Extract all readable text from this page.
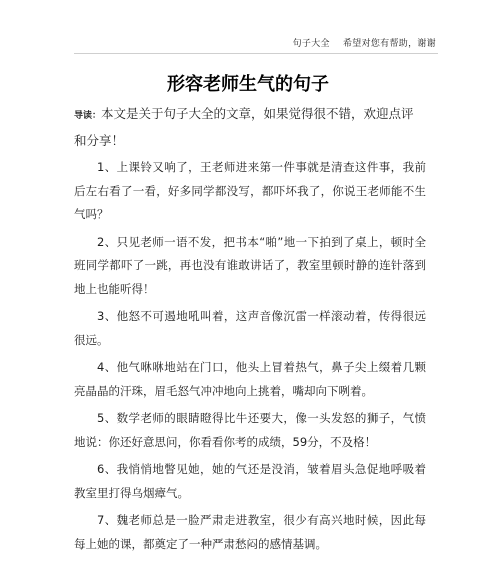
句子大全 希望对您有帮助，谢谢
形容老师生气的句子

导读：本文是关于句子大全的文章，如果觉得很不错，欢迎点评和分享！

1、上课铃又响了，王老师进来第一件事就是清查这件事，我前后左右看了一看，好多同学都没写，都吓坏我了，你说王老师能不生气吗？

2、只见老师一语不发，把书本“啪”地一下拍到了桌上，顿时全班同学都吓了一跳，再也没有谁敢讲话了，教室里顿时静的连针落到地上也能听得！

3、他怒不可遏地吼叫着，这声音像沉雷一样滚动着，传得很远很远。

4、他气咻咻地站在门口，他头上冒着热气，鼻子尖上缀着几颗亮晶晶的汗珠，眉毛怒气冲冲地向上挑着，嘴却向下咧着。

5、数学老师的眼睛瞪得比牛还要大，像一头发怒的狮子，气愤地说：你还好意思问，你看看你考的成绩，59分，不及格！

6、我悄悄地瞥见她，她的气还是没消，皱着眉头急促地呼吸着教室里打得乌烟瘴气。

7、魏老师总是一脸严肃走进教室，很少有高兴地时候，因此每每上她的课，都奠定了一种严肃愁闷的感情基调。
